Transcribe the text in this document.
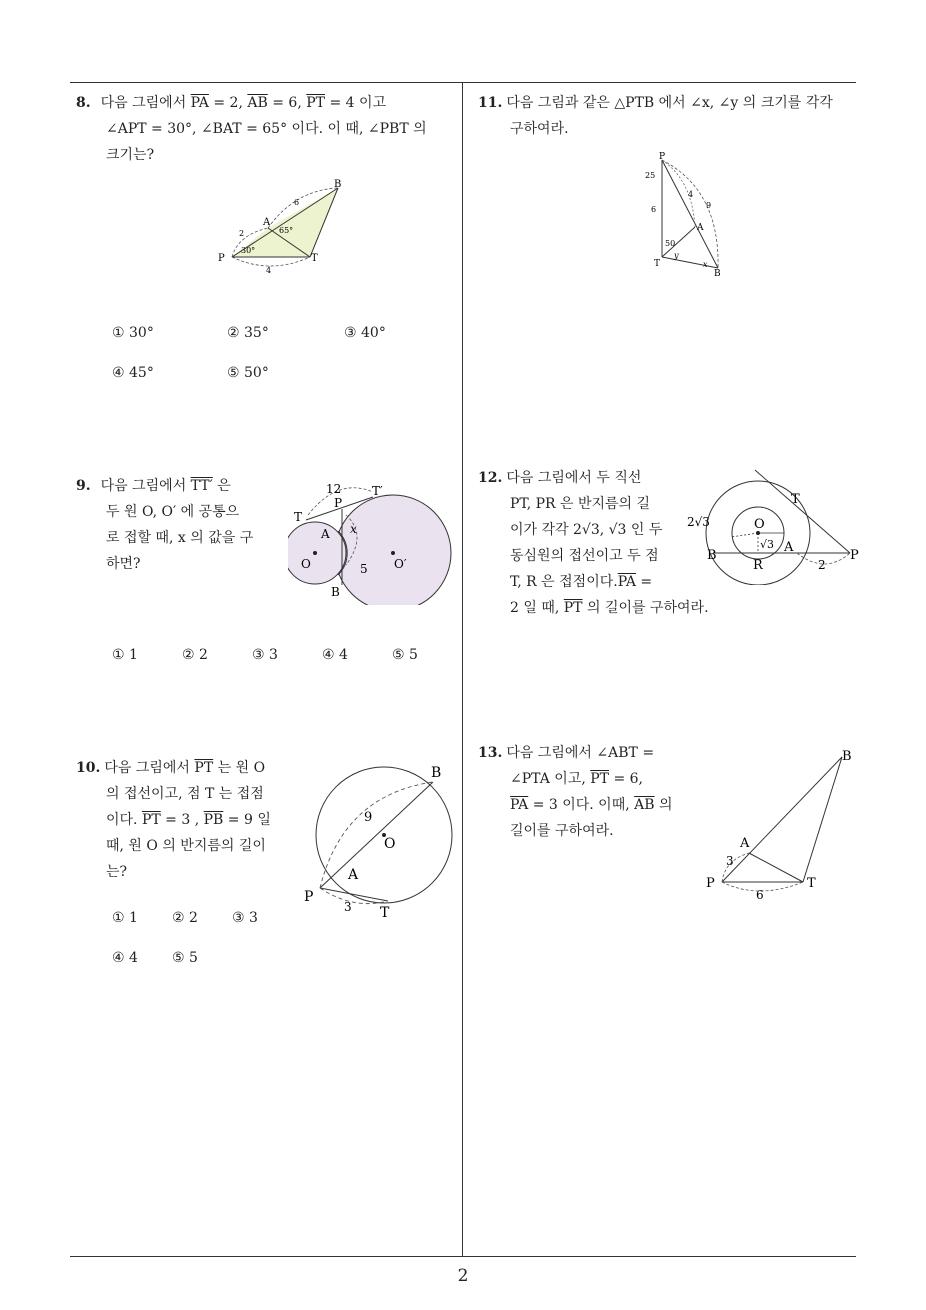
8. 다음 그림에서 $\overline{PA} = 2$, $\overline{AB} = 6$, $\overline{PT} = 4$ 이고
∠APT = 30°, ∠BAT = 65° 이다. 이 때, ∠PBT 의
크기는?
B
A
P	T
6
2
4
65°
30°
① 30°	② 35°	③ 40°
④ 45°	⑤ 50°
9. 다음 그림에서 TT′ 은
두 원 O, O′ 에 공통으
로 접할 때, x 의 값을 구
하면?
12
T
P
T′
A x
O	5 O′
B
① 1	② 2	③ 3	④ 4	⑤ 5
10. 다음 그림에서 $\overline{PT}$ 는 원 O
의 접선이고, 점 T 는 접점
이다. $\overline{PT} = 3$ , $\overline{PB} = 9$ 일
때, 원 O 의 반지름의 길이
는?
B
9
O
A
P
3 T
① 1 ② 2 ③ 3
④ 4 ⑤ 5
11. 다음 그림과 같은 △PTB 에서 ∠x, ∠y 의 크기를 각각
구하여라.
P
25
6
4
9
A
50
y
x
T
B
12. 다음 그림에서 두 직선
PT, PR 은 반지름의 길
이가 각각 2√3, √3 인 두
동심원의 접선이고 두 점
T, R 은 접점이다$.\overline{PA}$ =
2 일 때, $\overline{PT}$ 의 길이를 구하여라.
T
2√3	O
√3
B
A
P
R	2
13. 다음 그림에서 ∠ABT =
∠PTA 이고, $\overline{PT} = 6$,
$\overline{PA} = 3$ 이다. 이때, $\overline{AB}$ 의
길이를 구하여라.
B
A
3
P	T
6
2
